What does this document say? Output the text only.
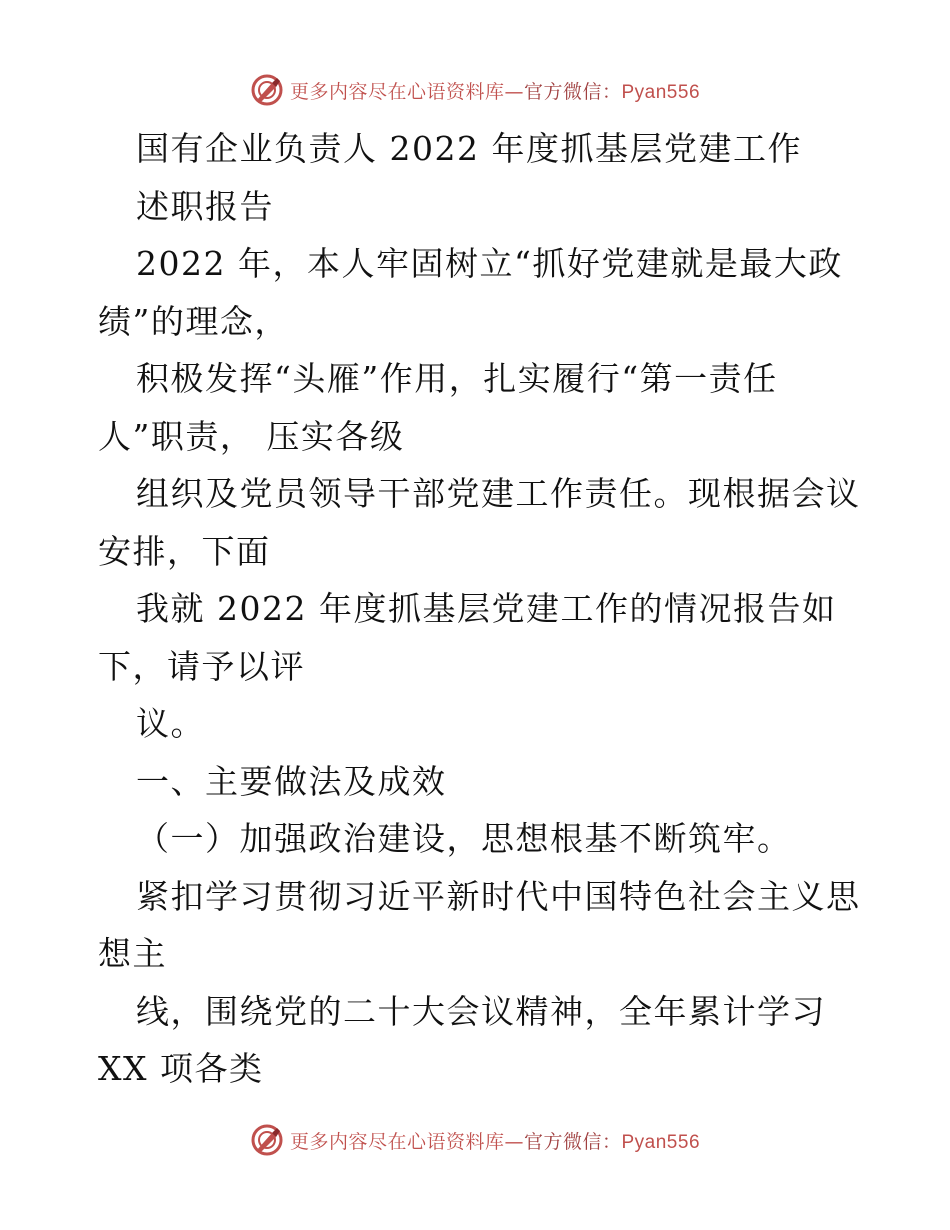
更多内容尽在心语资料库—官方微信：Pyan556
国有企业负责人 2022 年度抓基层党建工作
述职报告
2022 年，本人牢固树立“抓好党建就是最大政
绩”的理念，
积极发挥“头雁”作用，扎实履行“第一责任
人”职责， 压实各级
组织及党员领导干部党建工作责任。现根据会议
安排，下面
我就 2022 年度抓基层党建工作的情况报告如
下，请予以评
议。
一、主要做法及成效
（一）加强政治建设，思想根基不断筑牢。
紧扣学习贯彻习近平新时代中国特色社会主义思
想主
线，围绕党的二十大会议精神，全年累计学习
XX 项各类
更多内容尽在心语资料库—官方微信：Pyan556
